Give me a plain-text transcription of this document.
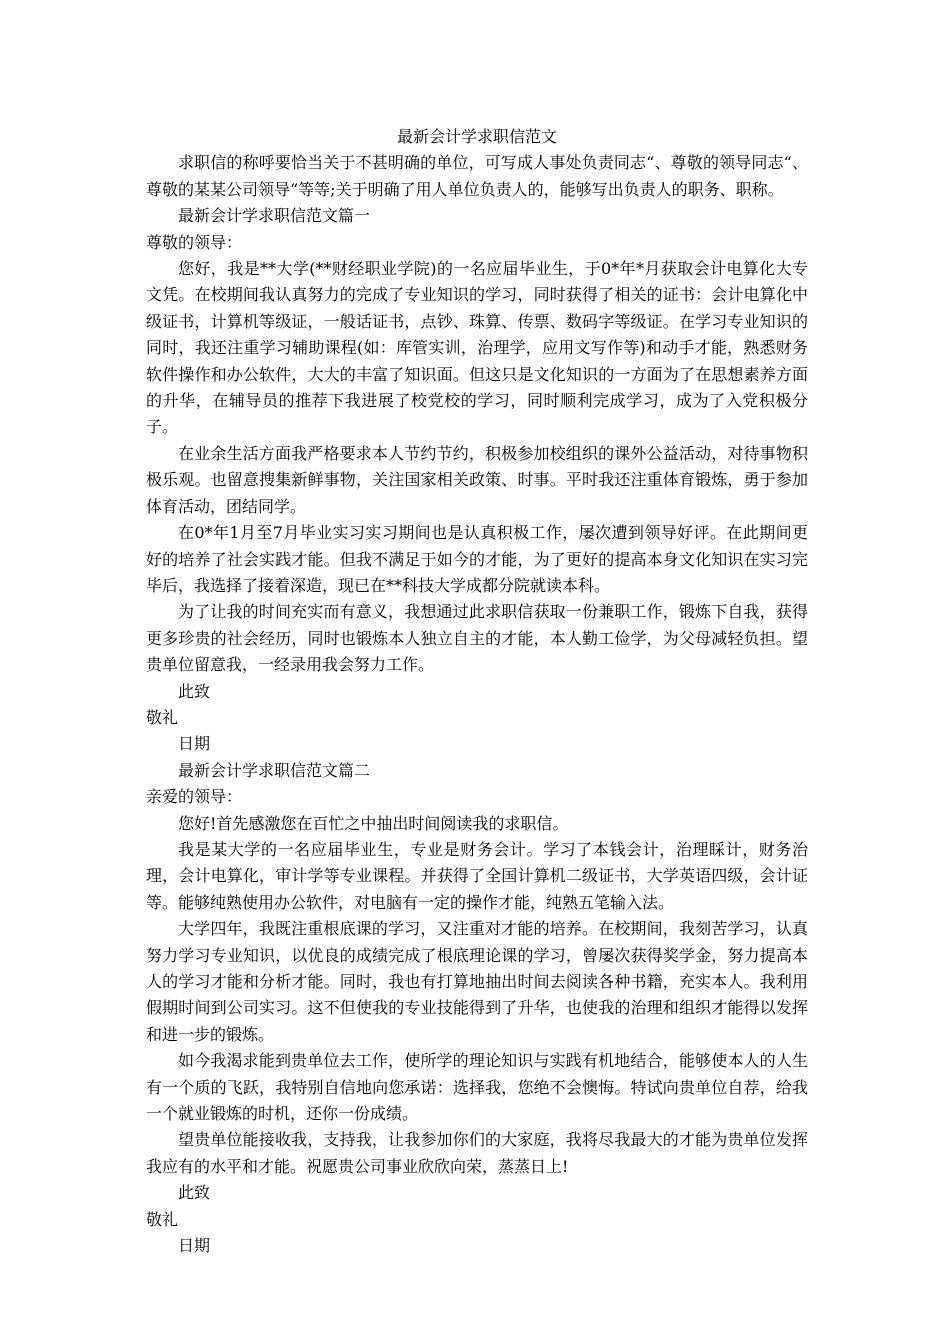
最新会计学求职信范文

求职信的称呼要恰当关于不甚明确的单位，可写成人事处负责同志“、尊敬的领导同志“、尊敬的某某公司领导“等等;关于明确了用人单位负责人的，能够写出负责人的职务、职称。

最新会计学求职信范文篇一

尊敬的领导：

您好，我是**大学(**财经职业学院)的一名应届毕业生，于0*年*月获取会计电算化大专文凭。在校期间我认真努力的完成了专业知识的学习，同时获得了相关的证书：会计电算化中级证书，计算机等级证，一般话证书，点钞、珠算、传票、数码字等级证。在学习专业知识的同时，我还注重学习辅助课程(如：库管实训，治理学，应用文写作等)和动手才能，熟悉财务软件操作和办公软件，大大的丰富了知识面。但这只是文化知识的一方面为了在思想素养方面的升华，在辅导员的推荐下我进展了校党校的学习，同时顺利完成学习，成为了入党积极分子。

在业余生活方面我严格要求本人节约节约，积极参加校组织的课外公益活动，对待事物积极乐观。也留意搜集新鲜事物，关注国家相关政策、时事。平时我还注重体育锻炼，勇于参加体育活动，团结同学。

在0*年1月至7月毕业实习实习期间也是认真积极工作，屡次遭到领导好评。在此期间更好的培养了社会实践才能。但我不满足于如今的才能，为了更好的提高本身文化知识在实习完毕后，我选择了接着深造，现已在**科技大学成都分院就读本科。

为了让我的时间充实而有意义，我想通过此求职信获取一份兼职工作，锻炼下自我，获得更多珍贵的社会经历，同时也锻炼本人独立自主的才能，本人勤工俭学，为父母减轻负担。望贵单位留意我，一经录用我会努力工作。

此致

敬礼

日期

最新会计学求职信范文篇二

亲爱的领导：

您好!首先感激您在百忙之中抽出时间阅读我的求职信。

我是某大学的一名应届毕业生，专业是财务会计。学习了本钱会计，治理睬计，财务治理，会计电算化，审计学等专业课程。并获得了全国计算机二级证书，大学英语四级，会计证等。能够纯熟使用办公软件，对电脑有一定的操作才能，纯熟五笔输入法。

大学四年，我既注重根底课的学习，又注重对才能的培养。在校期间，我刻苦学习，认真努力学习专业知识，以优良的成绩完成了根底理论课的学习，曾屡次获得奖学金，努力提高本人的学习才能和分析才能。同时，我也有打算地抽出时间去阅读各种书籍，充实本人。我利用假期时间到公司实习。这不但使我的专业技能得到了升华，也使我的治理和组织才能得以发挥和进一步的锻炼。

如今我渴求能到贵单位去工作，使所学的理论知识与实践有机地结合，能够使本人的人生有一个质的飞跃，我特别自信地向您承诺：选择我，您绝不会懊悔。特试向贵单位自荐，给我一个就业锻炼的时机，还你一份成绩。

望贵单位能接收我，支持我，让我参加你们的大家庭，我将尽我最大的才能为贵单位发挥我应有的水平和才能。祝愿贵公司事业欣欣向荣，蒸蒸日上!

此致

敬礼

日期
